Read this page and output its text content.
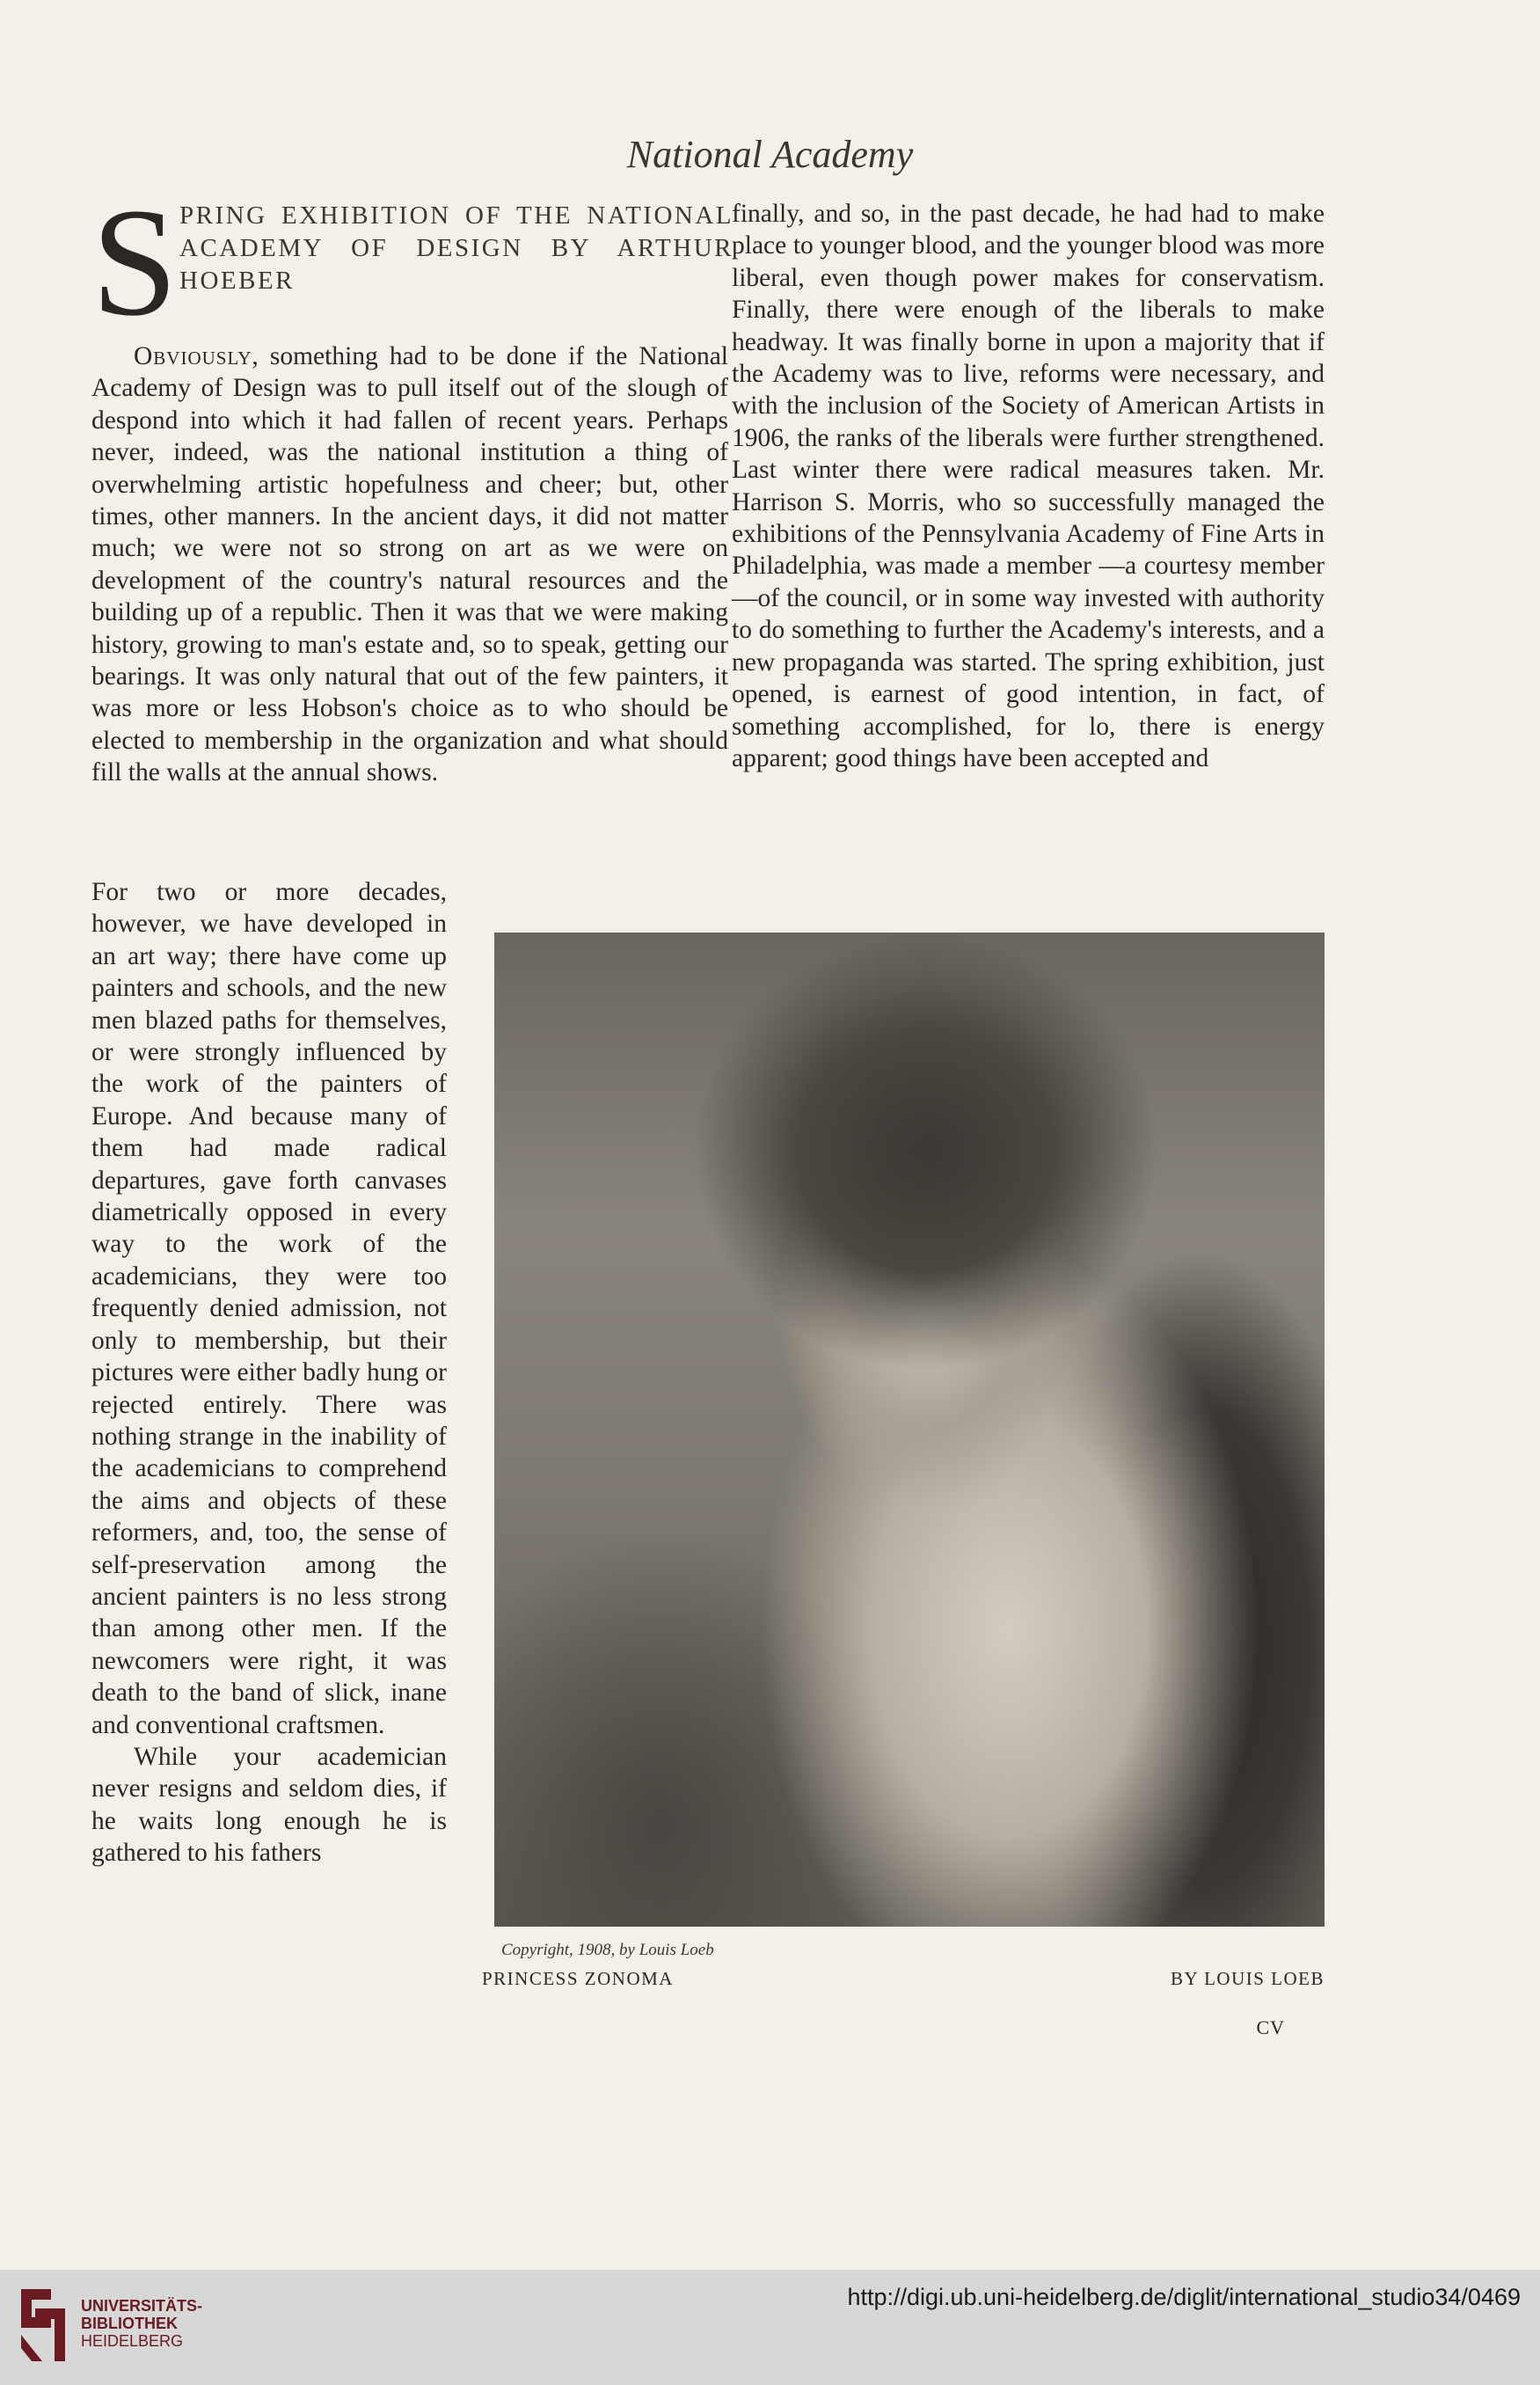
National Academy
S PRING EXHIBITION OF THE NATIONAL ACADEMY OF DESIGN BY ARTHUR HOEBER

Obviously, something had to be done if the National Academy of Design was to pull itself out of the slough of despond into which it had fallen of recent years. Perhaps never, indeed, was the national institution a thing of overwhelming artistic hopefulness and cheer; but, other times, other manners. In the ancient days, it did not matter much; we were not so strong on art as we were on development of the country's natural resources and the building up of a republic. Then it was that we were making history, growing to man's estate and, so to speak, getting our bearings. It was only natural that out of the few painters, it was more or less Hobson's choice as to who should be elected to membership in the organization and what should fill the walls at the annual shows.

For two or more decades, however, we have developed in an art way; there have come up painters and schools, and the new men blazed paths for themselves, or were strongly influenced by the work of the painters of Europe. And because many of them had made radical departures, gave forth canvases diametrically opposed in every way to the work of the academicians, they were too frequently denied admission, not only to membership, but their pictures were either badly hung or rejected entirely. There was nothing strange in the inability of the academicians to comprehend the aims and objects of these reformers, and, too, the sense of self-preservation among the ancient painters is no less strong than among other men. If the newcomers were right, it was death to the band of slick, inane and conventional craftsmen.

While your academician never resigns and seldom dies, if he waits long enough he is gathered to his fathers

finally, and so, in the past decade, he had had to make place to younger blood, and the younger blood was more liberal, even though power makes for conservatism. Finally, there were enough of the liberals to make headway. It was finally borne in upon a majority that if the Academy was to live, reforms were necessary, and with the inclusion of the Society of American Artists in 1906, the ranks of the liberals were further strengthened. Last winter there were radical measures taken. Mr. Harrison S. Morris, who so successfully managed the exhibitions of the Pennsylvania Academy of Fine Arts in Philadelphia, was made a member —a courtesy member—of the council, or in some way invested with authority to do something to further the Academy's interests, and a new propaganda was started. The spring exhibition, just opened, is earnest of good intention, in fact, of something accomplished, for lo, there is energy apparent; good things have been accepted and

Copyright, 1908, by Louis Loeb
PRINCESS ZONOMA	BY LOUIS LOEB
CV
UNIVERSITÄTS-
BIBLIOTHEK
HEIDELBERG
http://digi.ub.uni-heidelberg.de/diglit/international_studio34/0469
